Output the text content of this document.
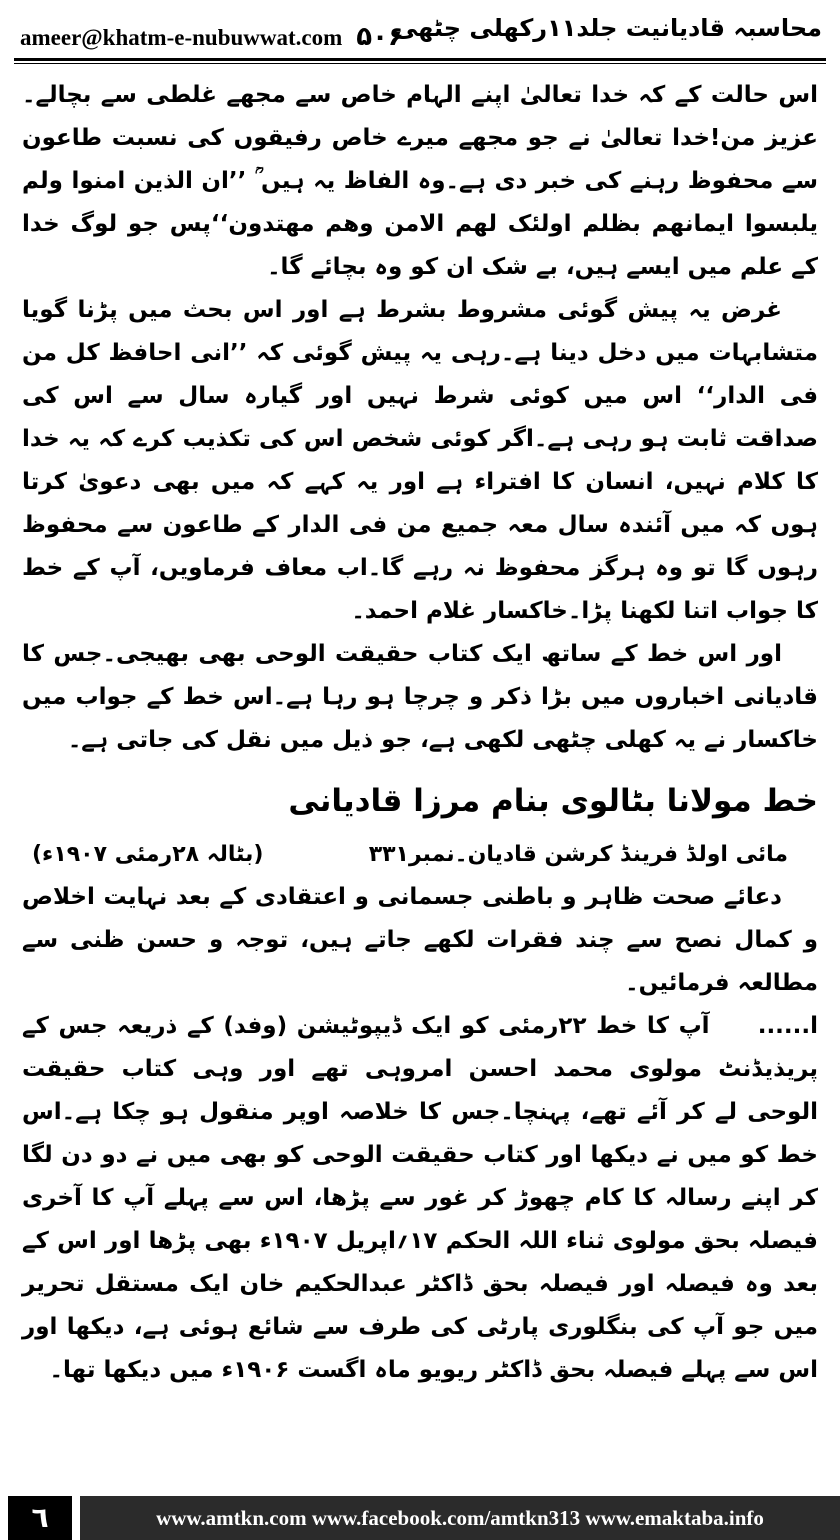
ameer@khatm-e-nubuwwat.com ۵۰۶
محاسبہ قادیانیت جلد۱۱رکھلی چٹھی

اس حالت کے کہ خدا تعالیٰ اپنے الہام خاص سے مجھے غلطی سے بچالے۔عزیز من!خدا تعالیٰ نے جو مجھے میرے خاص رفیقوں کی نسبت طاعون سے محفوظ رہنے کی خبر دی ہے۔وہ الفاظ یہ ہیں ؒ ’’ان الذین امنوا ولم یلبسوا ایمانھم بظلم اولئک لھم الامن وھم مھتدون‘‘پس جو لوگ خدا کے علم میں ایسے ہیں، بے شک ان کو وہ بچائے گا۔

غرض یہ پیش گوئی مشروط بشرط ہے اور اس بحث میں پڑنا گویا متشابہات میں دخل دینا ہے۔رہی یہ پیش گوئی کہ ’’انی احافظ کل من فی الدار‘‘ اس میں کوئی شرط نہیں اور گیارہ سال سے اس کی صداقت ثابت ہو رہی ہے۔اگر کوئی شخص اس کی تکذیب کرے کہ یہ خدا کا کلام نہیں، انسان کا افتراء ہے اور یہ کہے کہ میں بھی دعویٰ کرتا ہوں کہ میں آئندہ سال معہ جمیع من فی الدار کے طاعون سے محفوظ رہوں گا تو وہ ہرگز محفوظ نہ رہے گا۔اب معاف فرماویں، آپ کے خط کا جواب اتنا لکھنا پڑا۔خاکسار غلام احمد۔

اور اس خط کے ساتھ ایک کتاب حقیقت الوحی بھی بھیجی۔جس کا قادیانی اخباروں میں بڑا ذکر و چرچا ہو رہا ہے۔اس خط کے جواب میں خاکسار نے یہ کھلی چٹھی لکھی ہے، جو ذیل میں نقل کی جاتی ہے۔

خط مولانا بٹالوی بنام مرزا قادیانی
مائی اولڈ فرینڈ کرشن قادیان۔نمبر۳۳۱
(بٹالہ ۲۸رمئی ۱۹۰۷ء)

دعائے صحت ظاہر و باطنی جسمانی و اعتقادی کے بعد نہایت اخلاص و کمال نصح سے چند فقرات لکھے جاتے ہیں، توجہ و حسن ظنی سے مطالعہ فرمائیں۔

ا......     آپ کا خط ۲۲رمئی کو ایک ڈیپوٹیشن (وفد) کے ذریعہ جس کے پریذیڈنٹ مولوی محمد احسن امروہی تھے اور وہی کتاب حقیقت الوحی لے کر آئے تھے، پہنچا۔جس کا خلاصہ اوپر منقول ہو چکا ہے۔اس خط کو میں نے دیکھا اور کتاب حقیقت الوحی کو بھی میں نے دو دن لگا کر اپنے رسالہ کا کام چھوڑ کر غور سے پڑھا، اس سے پہلے آپ کا آخری فیصلہ بحق مولوی ثناء اللہ الحکم ۱۷؍اپریل ۱۹۰۷ء بھی پڑھا اور اس کے بعد وہ فیصلہ اور فیصلہ بحق ڈاکٹر عبدالحکیم خان ایک مستقل تحریر میں جو آپ کی بنگلوری پارٹی کی طرف سے شائع ہوئی ہے، دیکھا اور اس سے پہلے فیصلہ بحق ڈاکٹر ریویو ماہ اگست ۱۹۰۶ء میں دیکھا تھا۔

٦	www.amtkn.com www.facebook.com/amtkn313 www.emaktaba.info
